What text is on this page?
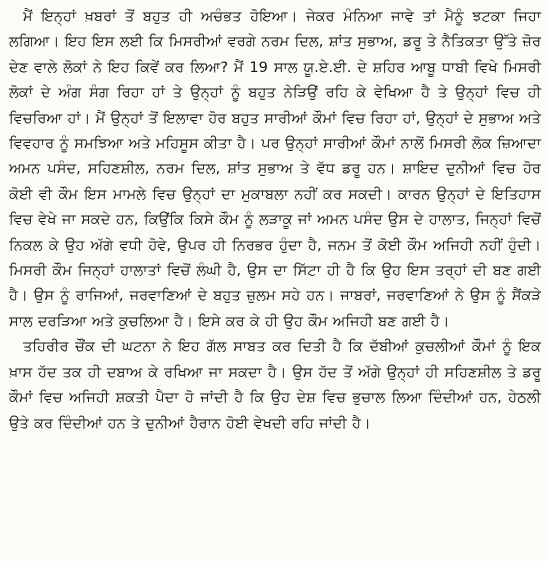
ਮੈਂ ਇਨ੍ਹਾਂ ਖ਼ਬਰਾਂ ਤੋਂ ਬਹੁਤ ਹੀ ਅਚੰਭਤ ਹੋਇਆ। ਜੇਕਰ ਮੰਨਿਆ ਜਾਵੇ ਤਾਂ ਮੈਨੂੰ ਝਟਕਾ ਜਿਹਾ ਲਗਿਆ। ਇਹ ਇਸ ਲਈ ਕਿ ਮਿਸਰੀਆਂ ਵਰਗੇ ਨਰਮ ਦਿਲ, ਸ਼ਾਂਤ ਸੁਭਾਅ, ਡਰੂ ਤੇ ਨੈਤਿਕਤਾ ਉੱਤੇ ਜ਼ੋਰ ਦੇਣ ਵਾਲੇ ਲੋਕਾਂ ਨੇ ਇਹ ਕਿਵੇਂ ਕਰ ਲਿਆ? ਮੈਂ 19 ਸਾਲ ਯੂ.ਏ.ਈ. ਦੇ ਸ਼ਹਿਰ ਆਬੂ ਧਾਬੀ ਵਿਖੇ ਮਿਸਰੀ ਲੋਕਾਂ ਦੇ ਅੰਗ ਸੰਗ ਰਿਹਾ ਹਾਂ ਤੇ ਉਨ੍ਹਾਂ ਨੂੰ ਬਹੁਤ ਨੇੜਿਉਂ ਰਹਿ ਕੇ ਵੇਖਿਆ ਹੈ ਤੇ ਉਨ੍ਹਾਂ ਵਿਚ ਹੀ ਵਿਚਰਿਆ ਹਾਂ। ਮੈਂ ਉਨ੍ਹਾਂ ਤੋਂ ਇਲਾਵਾ ਹੋਰ ਬਹੁਤ ਸਾਰੀਆਂ ਕੌਮਾਂ ਵਿਚ ਰਿਹਾ ਹਾਂ, ਉਨ੍ਹਾਂ ਦੇ ਸੁਭਾਅ ਅਤੇ ਵਿਵਹਾਰ ਨੂੰ ਸਮਝਿਆ ਅਤੇ ਮਹਿਸੂਸ ਕੀਤਾ ਹੈ। ਪਰ ਉਨ੍ਹਾਂ ਸਾਰੀਆਂ ਕੌਮਾਂ ਨਾਲੋਂ ਮਿਸਰੀ ਲੋਕ ਜ਼ਿਆਦਾ ਅਮਨ ਪਸੰਦ, ਸਹਿਣਸ਼ੀਲ, ਨਰਮ ਦਿਲ, ਸ਼ਾਂਤ ਸੁਭਾਅ ਤੇ ਵੱਧ ਡਰੂ ਹਨ। ਸ਼ਾਇਦ ਦੁਨੀਆਂ ਵਿਚ ਹੋਰ ਕੋਈ ਵੀ ਕੌਮ ਇਸ ਮਾਮਲੇ ਵਿਚ ਉਨ੍ਹਾਂ ਦਾ ਮੁਕਾਬਲਾ ਨਹੀਂ ਕਰ ਸਕਦੀ। ਕਾਰਨ ਉਨ੍ਹਾਂ ਦੇ ਇਤਿਹਾਸ ਵਿਚ ਵੇਖੇ ਜਾ ਸਕਦੇ ਹਨ, ਕਿਉਂਕਿ ਕਿਸੇ ਕੌਮ ਨੂੰ ਲੜਾਕੂ ਜਾਂ ਅਮਨ ਪਸੰਦ ਉਸ ਦੇ ਹਾਲਾਤ, ਜਿਨ੍ਹਾਂ ਵਿਚੋਂ ਨਿਕਲ ਕੇ ਉਹ ਅੱਗੇ ਵਧੀ ਹੋਵੇ, ਉਪਰ ਹੀ ਨਿਰਭਰ ਹੁੰਦਾ ਹੈ, ਜਨਮ ਤੋਂ ਕੋਈ ਕੌਮ ਅਜਿਹੀ ਨਹੀਂ ਹੁੰਦੀ। ਮਿਸਰੀ ਕੌਮ ਜਿਨ੍ਹਾਂ ਹਾਲਾਤਾਂ ਵਿਚੋਂ ਲੰਘੀ ਹੈ, ਉਸ ਦਾ ਸਿੱਟਾ ਹੀ ਹੈ ਕਿ ਉਹ ਇਸ ਤਰ੍ਹਾਂ ਦੀ ਬਣ ਗਈ ਹੈ। ਉਸ ਨੂੰ ਰਾਜਿਆਂ, ਜਰਵਾਣਿਆਂ ਦੇ ਬਹੁਤ ਜ਼ੁਲਮ ਸਹੇ ਹਨ। ਜਾਬਰਾਂ, ਜਰਵਾਣਿਆਂ ਨੇ ਉਸ ਨੂੰ ਸੈਂਕੜੇ ਸਾਲ ਦਰੜਿਆ ਅਤੇ ਕੁਚਲਿਆ ਹੈ। ਇਸੇ ਕਰ ਕੇ ਹੀ ਉਹ ਕੌਮ ਅਜਿਹੀ ਬਣ ਗਈ ਹੈ।

ਤਹਿਰੀਰ ਚੌਂਕ ਦੀ ਘਟਨਾ ਨੇ ਇਹ ਗੱਲ ਸਾਬਤ ਕਰ ਦਿਤੀ ਹੈ ਕਿ ਦੱਬੀਆਂ ਕੁਚਲੀਆਂ ਕੌਮਾਂ ਨੂੰ ਇਕ ਖ਼ਾਸ ਹੱਦ ਤਕ ਹੀ ਦਬਾਅ ਕੇ ਰਖਿਆ ਜਾ ਸਕਦਾ ਹੈ। ਉਸ ਹੱਦ ਤੋਂ ਅੱਗੇ ਉਨ੍ਹਾਂ ਹੀ ਸਹਿਣਸ਼ੀਲ ਤੇ ਡਰੂ ਕੌਮਾਂ ਵਿਚ ਅਜਿਹੀ ਸ਼ਕਤੀ ਪੈਦਾ ਹੋ ਜਾਂਦੀ ਹੈ ਕਿ ਉਹ ਦੇਸ਼ ਵਿਚ ਭੁਚਾਲ ਲਿਆ ਦਿੰਦੀਆਂ ਹਨ, ਹੇਠਲੀ ਉਤੇ ਕਰ ਦਿੰਦੀਆਂ ਹਨ ਤੇ ਦੁਨੀਆਂ ਹੈਰਾਨ ਹੋਈ ਵੇਖਦੀ ਰਹਿ ਜਾਂਦੀ ਹੈ।
